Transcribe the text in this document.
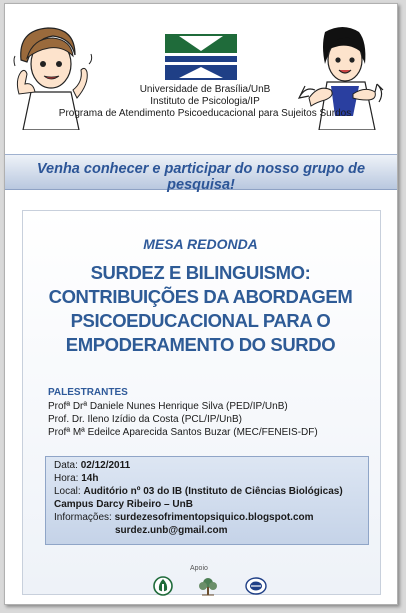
Universidade de Brasília/UnB
Instituto de Psicologia/IP
Programa de Atendimento Psicoeducacional para Sujeitos Surdos
Venha conhecer e participar do nosso grupo de pesquisa!
MESA REDONDA
SURDEZ E BILINGUISMO:
CONTRIBUIÇÕES DA ABORDAGEM
PSICOEDUCACIONAL PARA O
EMPODERAMENTO DO SURDO
PALESTRANTES
Profª Drª Daniele Nunes Henrique Silva (PED/IP/UnB)
Prof. Dr. Ileno Izídio da Costa (PCL/IP/UnB)
Profª Mª Edeilce Aparecida Santos Buzar (MEC/FENEIS-DF)
Data: 02/12/2011
Hora: 14h
Local: Auditório nº 03 do IB (Instituto de Ciências Biológicas)
Campus Darcy Ribeiro – UnB
Informações: surdezesofrimentopsiquico.blogspot.com
surdez.unb@gmail.com
Apoio
